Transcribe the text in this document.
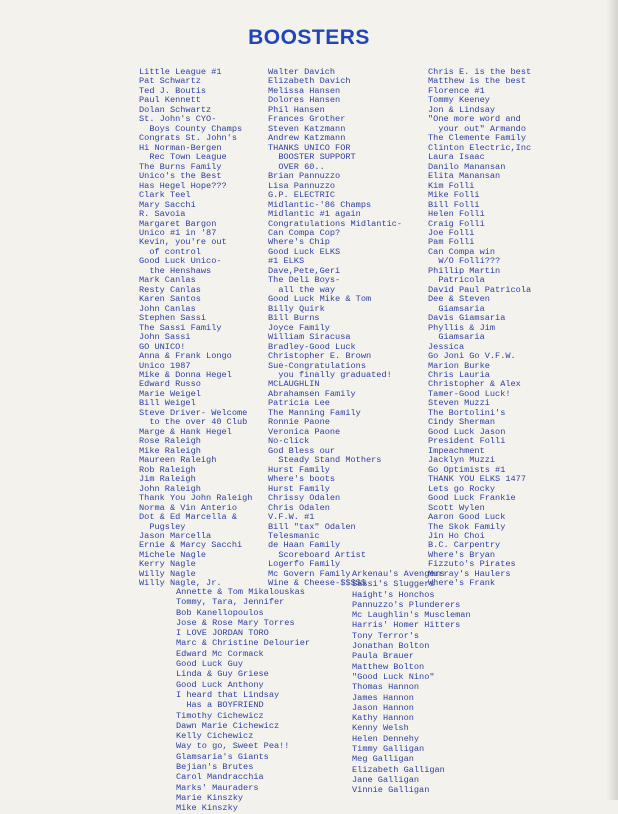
BOOSTERS
Little League #1
Pat Schwartz
Ted J. Boutis
Paul Kennett
Dolan Schwartz
St. John's CYO-
Boys County Champs
Congrats St. John's
Hi Norman-Bergen
Rec Town League
The Burns Family
Unico's the Best
Has Hegel Hope???
Clark Teel
Mary Sacchi
R. Savoia
Margaret Bargon
Unico #1 in '87
Kevin, you're out
of control
Good Luck Unico-
the Henshaws
Mark Canlas
Resty Canlas
Karen Santos
John Canlas
Stephen Sassi
The Sassi Family
John Sassi
GO UNICO!
Anna & Frank Longo
Unico 1987
Mike & Donna Hegel
Edward Russo
Marie Weigel
Bill Weigel
Steve Driver- Welcome
to the over 40 Club
Marge & Hank Hegel
Rose Raleigh
Mike Raleigh
Maureen Raleigh
Rob Raleigh
Jim Raleigh
John Raleigh
Thank You John Raleigh
Norma & Vin Anterio
Dot & Ed Marcella &
Pugsley
Jason Marcella
Ernie & Marcy Sacchi
Michele Nagle
Kerry Nagle
Willy Nagle
Willy Nagle, Jr.
Walter Davich
Elizabeth Davich
Melissa Hansen
Dolores Hansen
Phil Hansen
Frances Grother
Steven Katzmann
Andrew Katzmann
THANKS UNICO FOR
BOOSTER SUPPORT
OVER 60..
Brian Pannuzzo
Lisa Pannuzzo
G.P. ELECTRIC
Midlantic-'86 Champs
Midlantic #1 again
Congratulations Midlantic-
Can Compa Cop?
Where's Chip
Good Luck ELKS
#1 ELKS
Dave,Pete,Geri
The Deli Boys-
all the way
Good Luck Mike & Tom
Billy Quirk
Bill Burns
Joyce Family
William Siracusa
Bradley-Good Luck
Christopher E. Brown
Sue-Congratulations
you finally graduated!
MCLAUGHLIN
Abrahamsen Family
Patricia Lee
The Manning Family
Ronnie Paone
Veronica Paone
No-click
God Bless our
Steady Stand Mothers
Hurst Family
Where's boots
Hurst Family
Chrissy Odalen
Chris Odalen
V.F.W. #1
Bill "tax" Odalen
Telesmanic
de Haan Family
Scoreboard Artist
Logerfo Family
Mc Govern Family
Wine & Cheese-$$$$$
Chris E. is the best
Matthew is the best
Florence #1
Tommy Keeney
Jon & Lindsay
"One more word and
your out" Armando
The Clemente Family
Clinton Electric,Inc
Laura Isaac
Danilo Manansan
Elita Manansan
Kim Folli
Mike Folli
Bill Folli
Helen Folli
Craig Folli
Joe Folli
Pam Folli
Can Compa win
W/O Folli???
Phillip Martin
Patricola
David Paul Patricola
Dee & Steven
Giamsaria
Davis Giamsaria
Phyllis & Jim
Giamsaria
Jessica
Go Joni Go V.F.W.
Marion Burke
Chris Lauria
Christopher & Alex
Tamer-Good Luck!
Steven Muzzi
The Bortolini's
Cindy Sherman
Good Luck Jason
President Folli
Impeachment
Jacklyn Muzzi
Go Optimists #1
THANK YOU ELKS 1477
Lets go Rocky
Good Luck Frankie
Scott Wylen
Aaron Good Luck
The Skok Family
Jin Ho Choi
B.C. Carpentry
Where's Bryan
Fizzuto's Pirates
Murray's Haulers
Where's Frank
Annette & Tom Mikalouskas
Tommy, Tara, Jennifer
Bob Kanellopoulos
Jose & Rose Mary Torres
I LOVE JORDAN TORO
Marc & Christine Delourier
Edward Mc Cormack
Good Luck Guy
Linda & Guy Griese
Good Luck Anthony
I heard that Lindsay
Has a BOYFRIEND
Timothy Cichewicz
Dawn Marie Cichewicz
Kelly Cichewicz
Way to go, Sweet Pea!!
Glamsaria's Giants
Bejian's Brutes
Carol Mandracchia
Marks' Mauraders
Marie Kinszky
Mike Kinszky
Arkenau's Avengers
Sassi's Sluggers
Haight's Honchos
Pannuzzo's Plunderers
Mc Laughlin's Muscleman
Harris' Homer Hitters
Tony Terror's
Jonathan Bolton
Paula Brauer
Matthew Bolton
"Good Luck Nino"
Thomas Hannon
James Hannon
Jason Hannon
Kathy Hannon
Kenny Welsh
Helen Dennehy
Timmy Galligan
Meg Galligan
Elizabeth Galligan
Jane Galligan
Vinnie Galligan
